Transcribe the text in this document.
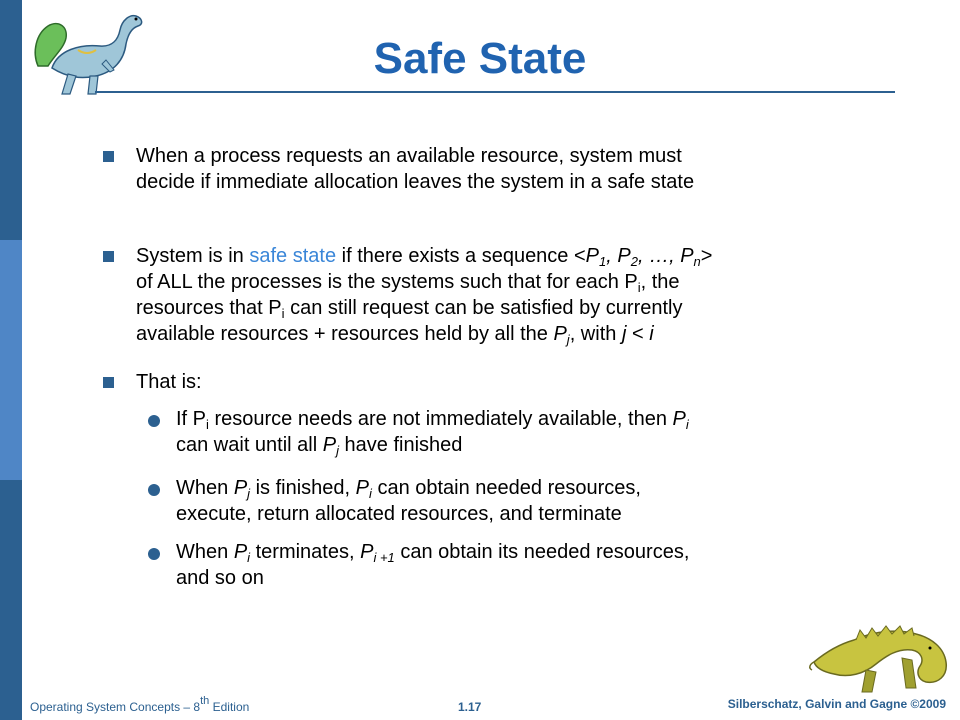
Safe State

When a process requests an available resource, system must
decide if immediate allocation leaves the system in a safe state

System is in safe state if there exists a sequence $<P_1$, $P_2$, …, $P_n>$
of ALL the processes is the systems such that for each $P_i$, the
resources that $P_i$ can still request can be satisfied by currently
available resources + resources held by all the $P_j$, with j < i

That is:

If $P_i$ resource needs are not immediately available, then $P_i$
can wait until all $P_j$ have finished

When $P_j$ is finished, $P_i$ can obtain needed resources,
execute, return allocated resources, and terminate

When $P_i$ terminates, $P_{i +1}$ can obtain its needed resources,
and so on

Operating System Concepts – 8th Edition	1.17	Silberschatz, Galvin and Gagne ©2009
